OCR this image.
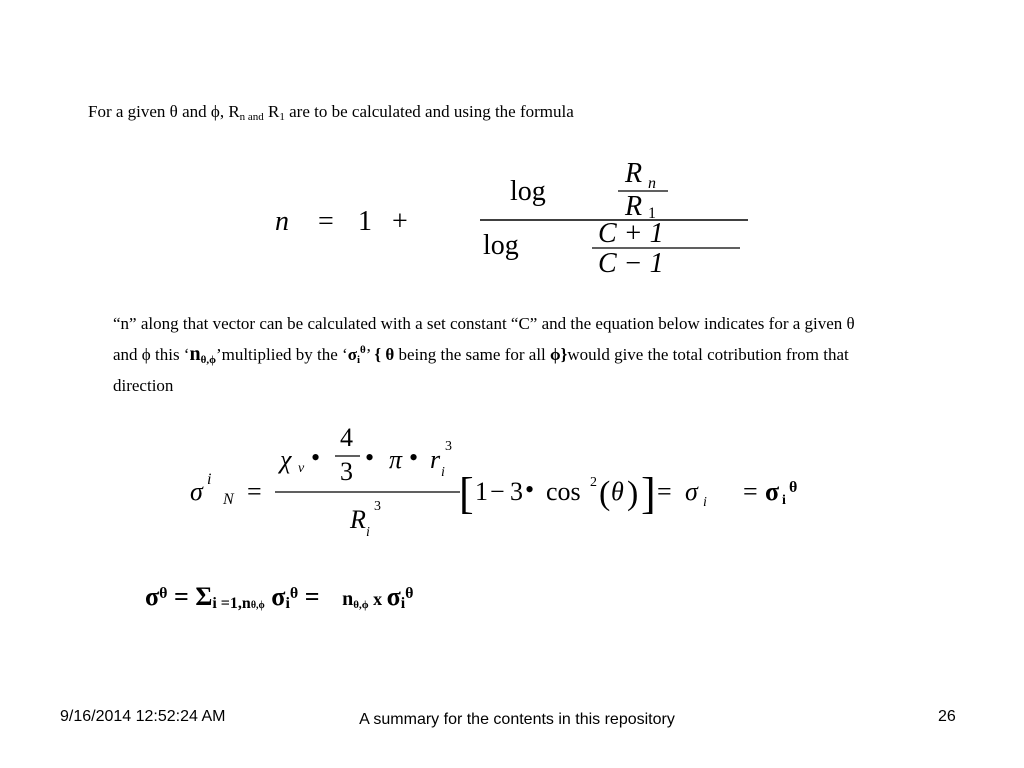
For a given θ and ϕ, $R_{n and}$ $R_1$ are to be calculated and using the formula
n = 1 +
log
R n
R 1
log	C + 1
C − 1
“n” along that vector can be calculated with a set constant “C” and the equation below indicates for a given θ and ϕ this ‘$n_{\theta,\phi}’multiplied$ by the ‘$\sigma_i^\theta$’ { θ being the same for all ϕ}would give the total cotribution from that direction
σ i
N =
χ v •
4
3 • π • r i
3
R i
3 [ 1 − 3 • cos 2 ( θ ) ] = σ i = σ i
θ
$\sigma^\theta = \Sigma_{i =1,n\theta,\phi}$ $\sigma_i^\theta = n_{\theta,\phi}$ x $\sigma_i^\theta$
9/16/2014 12:52:24 AM	A summary for the contents in this repository	26
